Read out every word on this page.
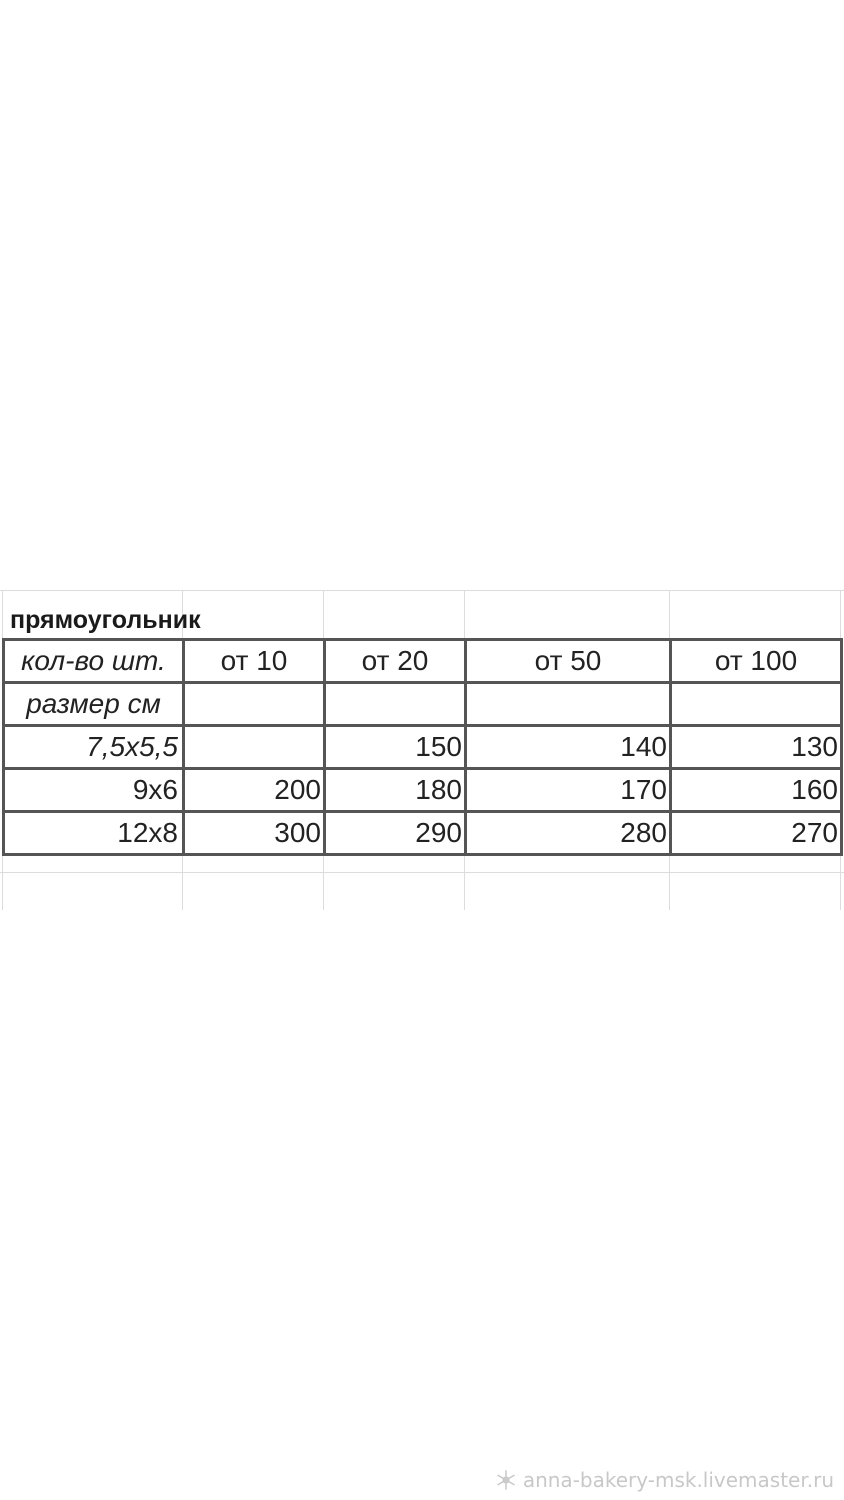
прямоугольник
кол-во шт.	от 10	от 20	от 50	от 100
размер см				
7,5х5,5		150	140	130
9х6	200	180	170	160
12х8	300	290	280	270
anna-bakery-msk.livemaster.ru
